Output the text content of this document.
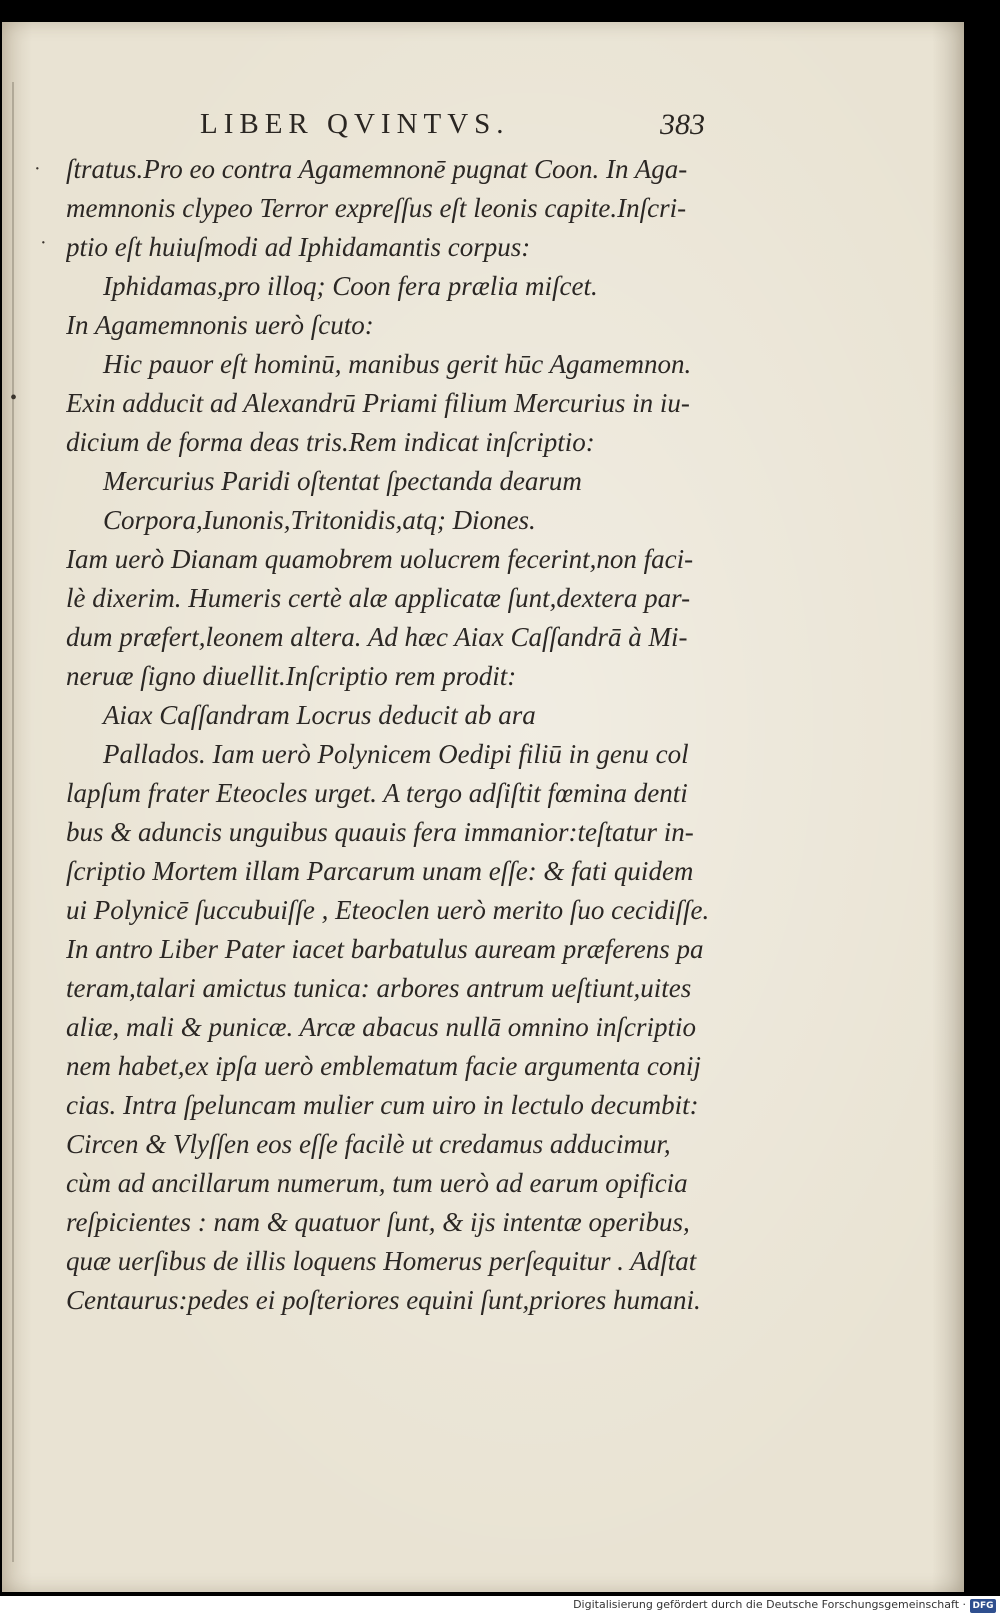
LIBER QVINTVS.	383
·
·
•
ſtratus.Pro eo contra Agamemnonē pugnat Coon. In Aga-
memnonis clypeo Terror expreſſus eſt leonis capite.Inſcri-
ptio eſt huiuſmodi ad Iphidamantis corpus:
Iphidamas,pro illoq; Coon fera prælia miſcet.
In Agamemnonis uerò ſcuto:
Hic pauor eſt hominū, manibus gerit hūc Agamemnon.
Exin adducit ad Alexandrū Priami filium Mercurius in iu-
dicium de forma deas tris.Rem indicat inſcriptio:
Mercurius Paridi oſtentat ſpectanda dearum
Corpora,Iunonis,Tritonidis,atq; Diones.
Iam uerò Dianam quamobrem uolucrem fecerint,non faci-
lè dixerim. Humeris certè alæ applicatæ ſunt,dextera par-
dum præfert,leonem altera. Ad hæc Aiax Caſſandrā à Mi-
neruæ ſigno diuellit.Inſcriptio rem prodit:
Aiax Caſſandram Locrus deducit ab ara
Pallados. Iam uerò Polynicem Oedipi filiū in genu col
lapſum frater Eteocles urget. A tergo adſiſtit fœmina denti
bus & aduncis unguibus quauis fera immanior:teſtatur in-
ſcriptio Mortem illam Parcarum unam eſſe: & fati quidem
ui Polynicē ſuccubuiſſe , Eteoclen uerò merito ſuo cecidiſſe.
In antro Liber Pater iacet barbatulus auream præferens pa
teram,talari amictus tunica: arbores antrum ueſtiunt,uites
aliæ, mali & punicæ. Arcæ abacus nullā omnino inſcriptio
nem habet,ex ipſa uerò emblematum facie argumenta conij
cias. Intra ſpeluncam mulier cum uiro in lectulo decumbit:
Circen & Vlyſſen eos eſſe facilè ut credamus adducimur,
cùm ad ancillarum numerum, tum uerò ad earum opificia
reſpicientes : nam & quatuor ſunt, & ijs intentæ operibus,
quæ uerſibus de illis loquens Homerus perſequitur . Adſtat
Centaurus:pedes ei poſteriores equini ſunt,priores humani.
Digitalisierung gefördert durch die Deutsche Forschungsgemeinschaft · DFG
